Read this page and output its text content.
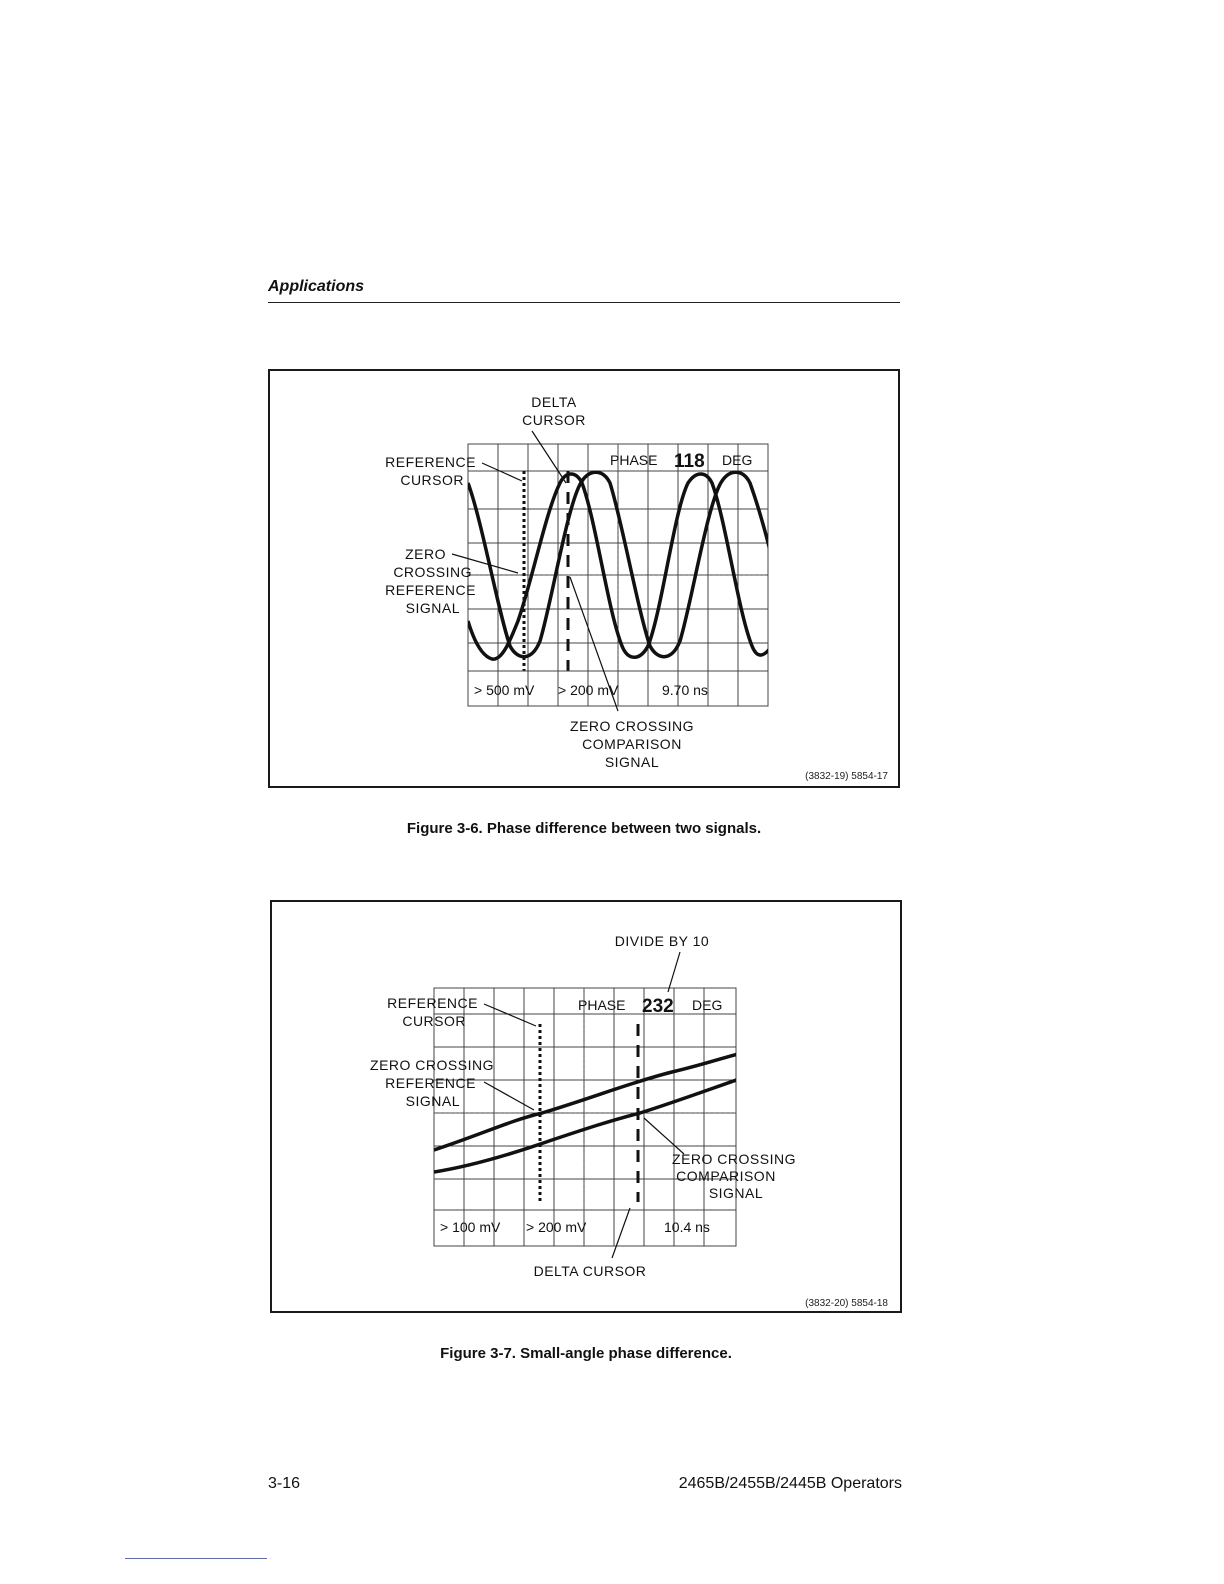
Applications
DELTA
CURSOR
REFERENCE
CURSOR
ZERO
CROSSING
REFERENCE
SIGNAL
PHASE 118 DEG
> 500 mV > 200 mV	9.70 ns
ZERO CROSSING
COMPARISON
SIGNAL
(3832-19) 5854-17
Figure 3-6. Phase difference between two signals.
DIVIDE BY 10
REFERENCE
CURSOR
ZERO CROSSING
REFERENCE
SIGNAL
PHASE 232 DEG
> 100 mV > 200 mV	10.4 ns
ZERO CROSSING
COMPARISON
SIGNAL
DELTA CURSOR
(3832-20) 5854-18
Figure 3-7. Small-angle phase difference.
3-16	2465B/2455B/2445B Operators
